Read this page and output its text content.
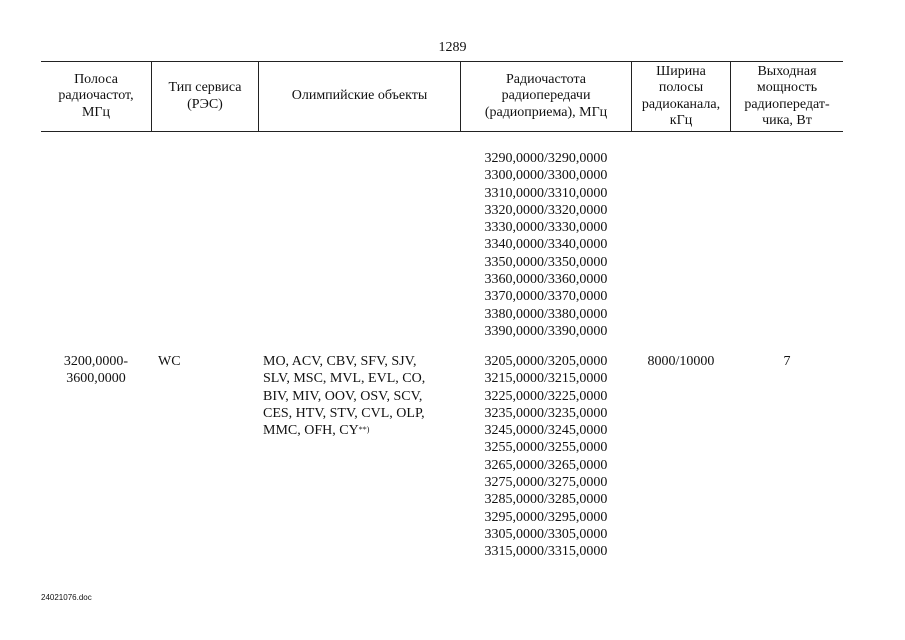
1289
Полоса
радиочастот,
МГц
Тип сервиса
(РЭС)
Олимпийские объекты
Радиочастота
радиопередачи
(радиоприема), МГц
Ширина
полосы
радиоканала,
кГц
Выходная
мощность
радиопередат-
чика, Вт
3290,0000/3290,0000
3300,0000/3300,0000
3310,0000/3310,0000
3320,0000/3320,0000
3330,0000/3330,0000
3340,0000/3340,0000
3350,0000/3350,0000
3360,0000/3360,0000
3370,0000/3370,0000
3380,0000/3380,0000
3390,0000/3390,0000
3200,0000-
3600,0000
WC	MO, ACV, CBV, SFV, SJV,
SLV, MSC, MVL, EVL, CO,
BIV, MIV, OOV, OSV, SCV,
CES, HTV, STV, CVL, OLP,
MMC, OFH, CY**)
3205,0000/3205,0000
3215,0000/3215,0000
3225,0000/3225,0000
3235,0000/3235,0000
3245,0000/3245,0000
3255,0000/3255,0000
3265,0000/3265,0000
3275,0000/3275,0000
3285,0000/3285,0000
3295,0000/3295,0000
3305,0000/3305,0000
3315,0000/3315,0000
8000/10000	7
24021076.doc
